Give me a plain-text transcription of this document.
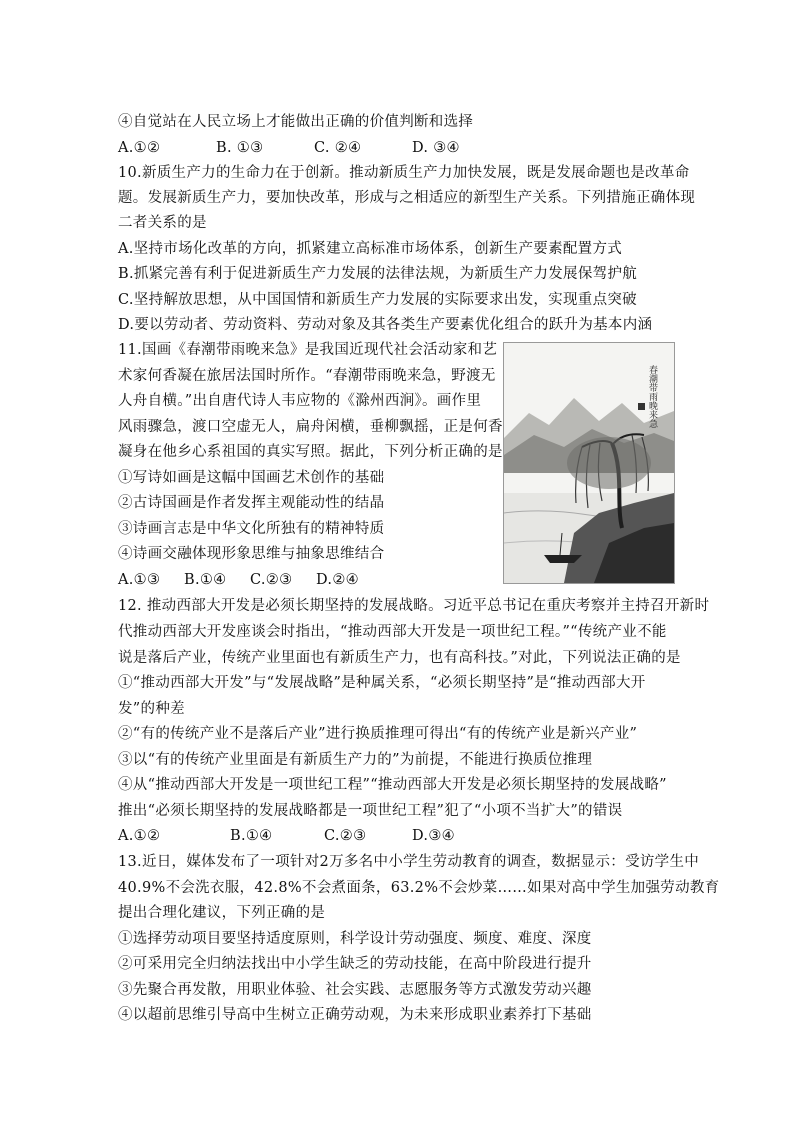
④自觉站在人民立场上才能做出正确的价值判断和选择
A.①②	B. ①③	C. ②④	D. ③④
10.新质生产力的生命力在于创新。推动新质生产力加快发展，既是发展命题也是改革命
题。发展新质生产力，要加快改革，形成与之相适应的新型生产关系。下列措施正确体现
二者关系的是
A.坚持市场化改革的方向，抓紧建立高标准市场体系，创新生产要素配置方式
B.抓紧完善有利于促进新质生产力发展的法律法规，为新质生产力发展保驾护航
C.坚持解放思想，从中国国情和新质生产力发展的实际要求出发，实现重点突破
D.要以劳动者、劳动资料、劳动对象及其各类生产要素优化组合的跃升为基本内涵
11.国画《春潮带雨晚来急》是我国近现代社会活动家和艺
术家何香凝在旅居法国时所作。“春潮带雨晚来急，野渡无
人舟自横。”出自唐代诗人韦应物的《滁州西涧》。画作里
风雨骤急，渡口空虚无人，扁舟闲横，垂柳飘摇，正是何香
凝身在他乡心系祖国的真实写照。据此，下列分析正确的是
①写诗如画是这幅中国画艺术创作的基础
②古诗国画是作者发挥主观能动性的结晶
③诗画言志是中华文化所独有的精神特质
④诗画交融体现形象思维与抽象思维结合
A.①③ B.①④ C.②③ D.②④
春潮带雨晚来急
12. 推动西部大开发是必须长期坚持的发展战略。习近平总书记在重庆考察并主持召开新时
代推动西部大开发座谈会时指出，“推动西部大开发是一项世纪工程。”“传统产业不能
说是落后产业，传统产业里面也有新质生产力，也有高科技。”对此，下列说法正确的是
①“推动西部大开发”与“发展战略”是种属关系，“必须长期坚持”是“推动西部大开
发”的种差
②“有的传统产业不是落后产业”进行换质推理可得出“有的传统产业是新兴产业”
③以“有的传统产业里面是有新质生产力的”为前提，不能进行换质位推理
④从“推动西部大开发是一项世纪工程”“推动西部大开发是必须长期坚持的发展战略”
推出“必须长期坚持的发展战略都是一项世纪工程”犯了“小项不当扩大”的错误
A.①②	B.①④	C.②③	D.③④
13.近日，媒体发布了一项针对2万多名中小学生劳动教育的调查，数据显示：受访学生中
40.9%不会洗衣服，42.8%不会煮面条，63.2%不会炒菜……如果对高中学生加强劳动教育
提出合理化建议，下列正确的是
①选择劳动项目要坚持适度原则，科学设计劳动强度、频度、难度、深度
②可采用完全归纳法找出中小学生缺乏的劳动技能，在高中阶段进行提升
③先聚合再发散，用职业体验、社会实践、志愿服务等方式激发劳动兴趣
④以超前思维引导高中生树立正确劳动观，为未来形成职业素养打下基础
